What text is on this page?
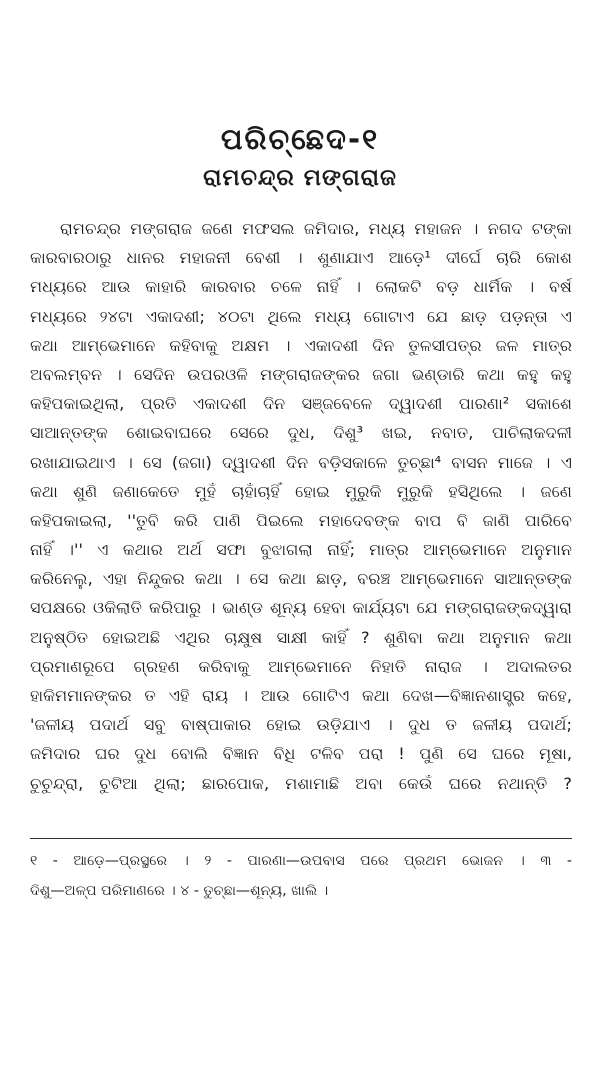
ପରିଚ୍ଛେଦ-୧
ରାମଚନ୍ଦ୍ର ମଙ୍ଗରାଜ
ରାମଚନ୍ଦ୍ର ମଙ୍ଗରାଜ ଜଣେ ମଫସଲ ଜମିଦାର, ମଧ୍ୟ ମହାଜନ । ନଗଦ ଟଙ୍କା
କାରବାରଠାରୁ ଧାନର ମହାଜନୀ ବେଶୀ । ଶୁଣାଯାଏ ଆଡ଼େ¹ ଦୀର୍ଘେ ଚାରି କୋଶ
ମଧ୍ୟରେ ଆଉ କାହାରି କାରବାର ଚଳେ ନାହିଁ । ଲୋକଟି ବଡ଼ ଧାର୍ମିକ । ବର୍ଷ
ମଧ୍ୟରେ ୨୪ଟା ଏକାଦଶୀ; ୪୦ଟା ଥିଲେ ମଧ୍ୟ ଗୋଟାଏ ଯେ ଛାଡ଼ ପଡ଼ନ୍ତା ଏ
କଥା ଆମ୍ଭେମାନେ କହିବାକୁ ଅକ୍ଷମ । ଏକାଦଶୀ ଦିନ ତୁଳସୀପତ୍ର ଜଳ ମାତ୍ର
ଅବଲମ୍ବନ । ସେଦିନ ଉପରଓଳି ମଙ୍ଗରାଜଙ୍କର ଜଗା ଭଣ୍ଡାରି କଥା କହୁ କହୁ
କହିପକାଇଥିଲା, ପ୍ରତି ଏକାଦଶୀ ଦିନ ସଞ୍ଜବେଳେ ଦ୍ୱାଦଶୀ ପାରଣା² ସକାଶେ
ସାଆନ୍ତଙ୍କ ଶୋଇବାଘରେ ସେରେ ଦୁଧ, ଦିଶୁ³ ଖଇ, ନବାତ, ପାଚିଲାକଦଳୀ
ରଖାଯାଇଥାଏ । ସେ (ଜଗା) ଦ୍ୱାଦଶୀ ଦିନ ବଡ଼ିସକାଳେ ତୁଚ୍ଛା⁴ ବାସନ ମାଜେ । ଏ
କଥା ଶୁଣି ଜଣାକେତେ ମୁହଁ ଚାହାଁଚାହିଁ ହୋଇ ମୁରୁକି ମୁରୁକି ହସିଥିଲେ । ଜଣେ
କହିପକାଇଲା, ''ତୁବି କରି ପାଣି ପିଇଲେ ମହାଦେବଙ୍କ ବାପ ବି ଜାଣି ପାରିବେ
ନାହିଁ ।'' ଏ କଥାର ଅର୍ଥ ସଫା ବୁଝାଗଲା ନାହିଁ; ମାତ୍ର ଆମ୍ଭେମାନେ ଅନୁମାନ
କରିନେଲୁ, ଏହା ନିନ୍ଦୁକର କଥା । ସେ କଥା ଛାଡ଼, ବରଞ୍ଚ ଆମ୍ଭେମାନେ ସାଆନ୍ତଙ୍କ
ସପକ୍ଷରେ ଓକିଲାତି କରିପାରୁ । ଭାଣ୍ଡ ଶୂନ୍ୟ ହେବା କାର୍ଯ୍ୟଟା ଯେ ମଙ୍ଗରାଜଙ୍କଦ୍ୱାରା
ଅନୁଷ୍ଠିତ ହୋଇଅଛି ଏଥିର ଚାକ୍ଷୁଷ ସାକ୍ଷୀ କାହିଁ ? ଶୁଣିବା କଥା ଅନୁମାନ କଥା
ପ୍ରମାଣରୂପେ ଗ୍ରହଣ କରିବାକୁ ଆମ୍ଭେମାନେ ନିହାତି ନାରାଜ । ଅଦାଲତର
ହାକିମମାନଙ୍କର ତ ଏହି ରାୟ । ଆଉ ଗୋଟିଏ କଥା ଦେଖ—ବିଜ୍ଞାନଶାସ୍ତ୍ର କହେ,
'ଜଳୀୟ ପଦାର୍ଥ ସବୁ ବାଷ୍ପାକାର ହୋଇ ଉଡ଼ିଯାଏ । ଦୁଧ ତ ଜଳୀୟ ପଦାର୍ଥ;
ଜମିଦାର ଘର ଦୁଧ ବୋଲି ବିଜ୍ଞାନ ବିଧି ଟଳିବ ପରା ! ପୁଣି ସେ ଘରେ ମୂଷା,
ଚୁଚୁନ୍ଦ୍ରା, ଚୁଟିଆ ଥିଲା; ଛାରପୋକ, ମଶାମାଛି ଅବା କେଉଁ ଘରେ ନଥାନ୍ତି ?
୧ - ଆଡ଼େ—ପ୍ରସ୍ଥରେ । ୨ - ପାରଣା—ଉପବାସ ପରେ ପ୍ରଥମ ଭୋଜନ । ୩ -
ଦିଶୁ—ଅଳ୍ପ ପରିମାଣରେ । ୪ - ତୁଚ୍ଛା—ଶୂନ୍ୟ, ଖାଲି ।
